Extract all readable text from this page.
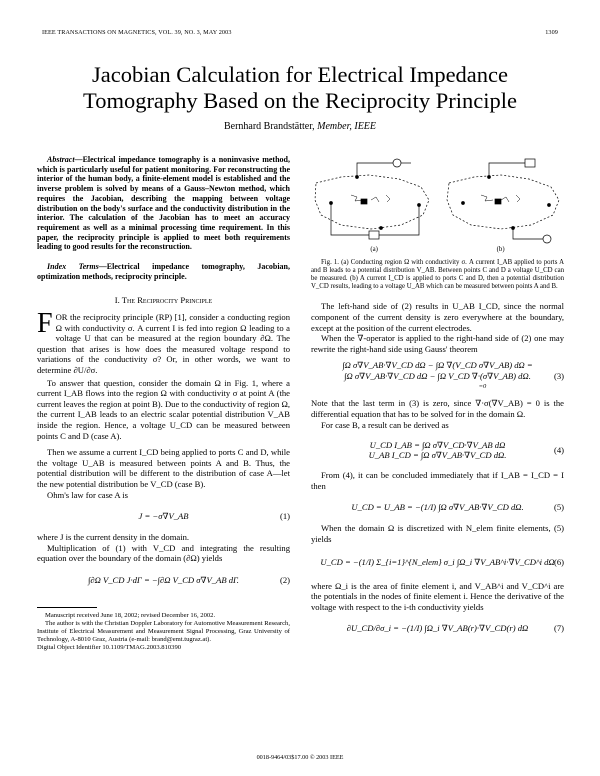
IEEE TRANSACTIONS ON MAGNETICS, VOL. 39, NO. 3, MAY 2003	1309
Jacobian Calculation for Electrical Impedance
Tomography Based on the Reciprocity Principle
Bernhard Brandstätter, Member, IEEE

Abstract—Electrical impedance tomography is a noninvasive method, which is particularly useful for patient monitoring. For reconstructing the interior of the human body, a finite-element model is established and the inverse problem is solved by means of a Gauss–Newton method, which requires the Jacobian, describing the mapping between voltage distribution on the body's surface and the conductivity distribution in the interior. The calculation of the Jacobian has to meet an accuracy requirement as well as a minimal processing time requirement. In this paper, the reciprocity principle is applied to meet both requirements leading to good results for the reconstruction.

Index Terms—Electrical impedance tomography, Jacobian, optimization methods, reciprocity principle.

I. The Reciprocity Principle
F OR the reciprocity principle (RP) [1], consider a conducting region Ω with conductivity σ. A current I is fed into region Ω leading to a voltage U that can be measured at the region boundary ∂Ω. The question that arises is how does the measured voltage respond to variations of the conductivity σ? Or, in other words, we want to determine ∂U/∂σ.

To answer that question, consider the domain Ω in Fig. 1, where a current I_AB flows into the region Ω with conductivity σ at point A (the current leaves the region at point B). Due to the conductivity of region Ω, the current I_AB leads to an electric scalar potential distribution V_AB inside the region. Hence, a voltage U_CD can be measured between points C and D (case A).

Then we assume a current I_CD being applied to ports C and D, while the voltage U_AB is measured between points A and B. Thus, the potential distribution will be different to the distribution of case A—let the new potential distribution be V_CD (case B).

Ohm's law for case A is

J = −σ∇V_AB	(1)

where J is the current density in the domain.

Multiplication of (1) with V_CD and integrating the resulting equation over the boundary of the domain (∂Ω) yields

∫∂Ω V_CD J·dΓ = −∫∂Ω V_CD σ∇V_AB dΓ.	(2)

Manuscript received June 18, 2002; revised December 16, 2002.

The author is with the Christian Doppler Laboratory for Automotive Measurement Research, Institute of Electrical Measurement and Measurement Signal Processing, Graz University of Technology, A-8010 Graz, Austria (e-mail: brand@emt.tugraz.at).

Digital Object Identifier 10.1109/TMAG.2003.810390

(a)	(b)

Fig. 1. (a) Conducting region Ω with conductivity σ. A current I_AB applied to ports A and B leads to a potential distribution V_AB. Between points C and D a voltage U_CD can be measured. (b) A current I_CD is applied to ports C and D, then a potential distribution V_CD results, leading to a voltage U_AB which can be measured between points A and B.

The left-hand side of (2) results in U_AB I_CD, since the normal component of the current density is zero everywhere at the boundary, except at the position of the current electrodes.

When the ∇-operator is applied to the right-hand side of (2) one may rewrite the right-hand side using Gauss' theorem

∫Ω σ∇V_AB·∇V_CD dΩ − ∫Ω ∇(V_CD σ∇V_AB) dΩ =
∫Ω σ∇V_AB·∇V_CD dΩ − ∫Ω V_CD ∇·(σ∇V_AB) dΩ.
=0
(3)

Note that the last term in (3) is zero, since ∇·σ(∇V_AB) = 0 is the differential equation that has to be solved for in the domain Ω.

For case B, a result can be derived as

U_CD I_AB = ∫Ω σ∇V_CD·∇V_AB dΩ
U_AB I_CD = ∫Ω σ∇V_AB·∇V_CD dΩ.
(4)

From (4), it can be concluded immediately that if I_AB = I_CD = I then

U_CD = U_AB = −(1/I) ∫Ω σ∇V_AB·∇V_CD dΩ.	(5)

When the domain Ω is discretized with N_elem finite elements, (5) yields

U_CD = −(1/I) Σ_{i=1}^{N_elem} σ_i ∫Ω_i ∇V_AB^i·∇V_CD^i dΩ (6)

where Ω_i is the area of finite element i, and V_AB^i and V_CD^i are the potentials in the nodes of finite element i. Hence the derivative of the voltage with respect to the i-th conductivity yields

∂U_CD/∂σ_i = −(1/I) ∫Ω_i ∇V_AB(r)·∇V_CD(r) dΩ	(7)
0018-9464/03$17.00 © 2003 IEEE
